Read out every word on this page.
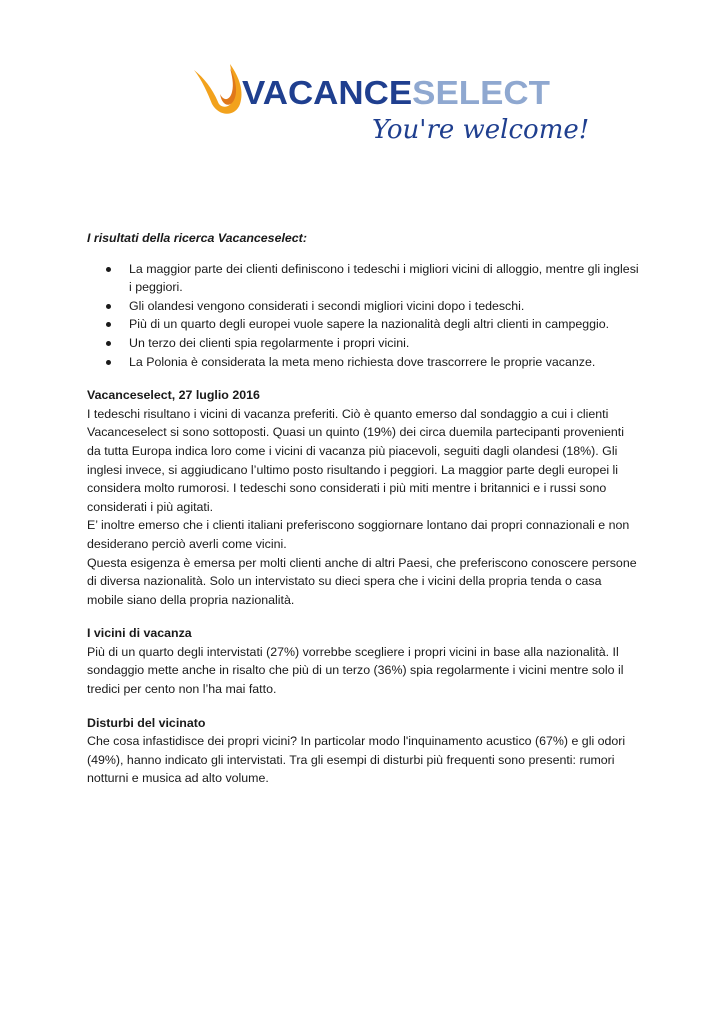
VACANCE SELECT
You're welcome!

I risultati della ricerca Vacanceselect:

La maggior parte dei clienti definiscono i tedeschi i migliori vicini di alloggio, mentre gli inglesi i peggiori.
Gli olandesi vengono considerati i secondi migliori vicini dopo i tedeschi.
Più di un quarto degli europei vuole sapere la nazionalità degli altri clienti in campeggio.
Un terzo dei clienti spia regolarmente i propri vicini.
La Polonia è considerata la meta meno richiesta dove trascorrere le proprie vacanze.
Vacanceselect, 27 luglio 2016

I tedeschi risultano i vicini di vacanza preferiti. Ciò è quanto emerso dal sondaggio a cui i clienti Vacanceselect si sono sottoposti. Quasi un quinto (19%) dei circa duemila partecipanti provenienti da tutta Europa indica loro come i vicini di vacanza più piacevoli, seguiti dagli olandesi (18%). Gli inglesi invece, si aggiudicano l’ultimo posto risultando i peggiori. La maggior parte degli europei li considera molto rumorosi. I tedeschi sono considerati i più miti mentre i britannici e i russi sono considerati i più agitati.

E’ inoltre emerso che i clienti italiani preferiscono soggiornare lontano dai propri connazionali e non desiderano perciò averli come vicini.

Questa esigenza è emersa per molti clienti anche di altri Paesi, che preferiscono conoscere persone di diversa nazionalità. Solo un intervistato su dieci spera che i vicini della propria tenda o casa mobile siano della propria nazionalità.

I vicini di vacanza

Più di un quarto degli intervistati (27%) vorrebbe scegliere i propri vicini in base alla nazionalità. Il sondaggio mette anche in risalto che più di un terzo (36%) spia regolarmente i vicini mentre solo il tredici per cento non l’ha mai fatto.

Disturbi del vicinato

Che cosa infastidisce dei propri vicini? In particolar modo l'inquinamento acustico (67%) e gli odori (49%), hanno indicato gli intervistati. Tra gli esempi di disturbi più frequenti sono presenti: rumori notturni e musica ad alto volume.
